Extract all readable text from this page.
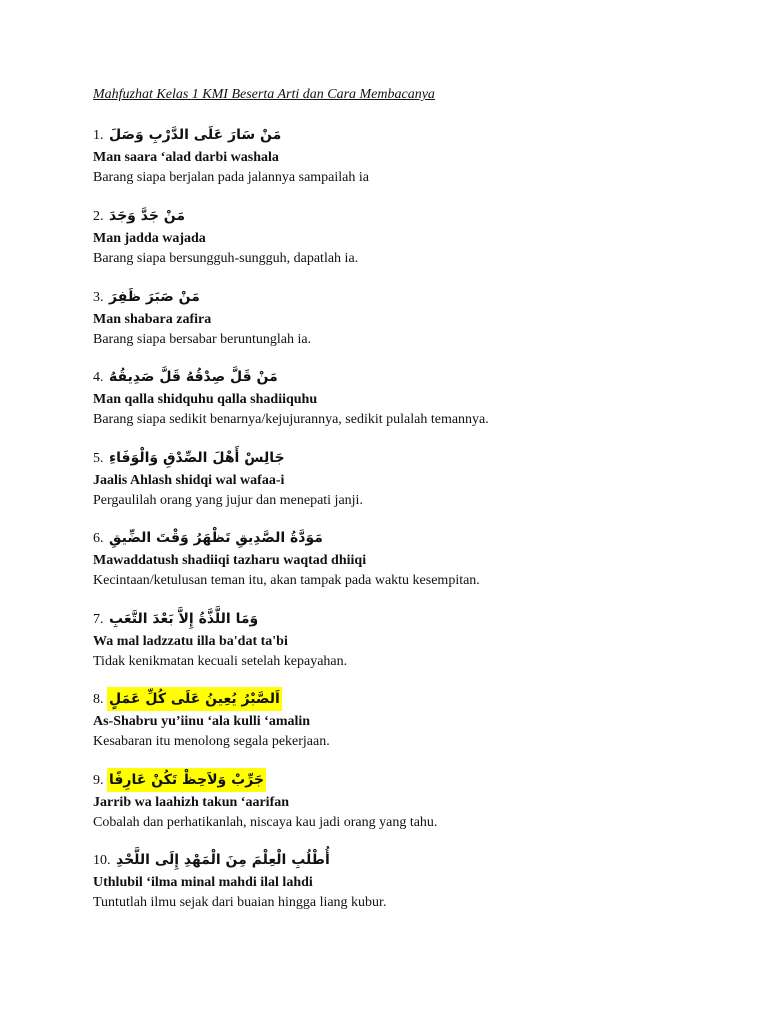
Mahfuzhat Kelas 1 KMI Beserta Arti dan Cara Membacanya

1. مَنْ سَارَ عَلَى الدَّرْبِ وَصَلَ
Man saara ‘alad darbi washala
Barang siapa berjalan pada jalannya sampailah ia
2. مَنْ جَدَّ وَجَدَ
Man jadda wajada
Barang siapa bersungguh-sungguh, dapatlah ia.
3. مَنْ صَبَرَ ظَفِرَ
Man shabara zafira
Barang siapa bersabar beruntunglah ia.
4. مَنْ قَلَّ صِدْقُهُ قَلَّ صَدِيقُهُ
Man qalla shidquhu qalla shadiiquhu
Barang siapa sedikit benarnya/kejujurannya, sedikit pulalah temannya.
5. جَالِسْ أَهْلَ الصِّدْقِ وَالْوَفَاءِ
Jaalis Ahlash shidqi wal wafaa-i
Pergaulilah orang yang jujur dan menepati janji.
6. مَوَدَّةُ الصَّدِيقِ تَظْهَرُ وَقْتَ الضِّيقِ
Mawaddatush shadiiqi tazharu waqtad dhiiqi
Kecintaan/ketulusan teman itu, akan tampak pada waktu kesempitan.
7. وَمَا اللَّذَّةُ إِلاَّ بَعْدَ التَّعَبِ
Wa mal ladzzatu illa ba'dat ta'bi
Tidak kenikmatan kecuali setelah kepayahan.
8. اَلصَّبْرُ يُعِينُ عَلَى كُلِّ عَمَلٍ
As-Shabru yu’iinu ‘ala kulli ‘amalin
Kesabaran itu menolong segala pekerjaan.
9. جَرِّبْ وَلاَحِظْ تَكُنْ عَارِفًا
Jarrib wa laahizh takun ‘aarifan
Cobalah dan perhatikanlah, niscaya kau jadi orang yang tahu.
10. أُطْلُبِ الْعِلْمَ مِنَ الْمَهْدِ إِلَى اللَّحْدِ
Uthlubil ‘ilma minal mahdi ilal lahdi
Tuntutlah ilmu sejak dari buaian hingga liang kubur.
